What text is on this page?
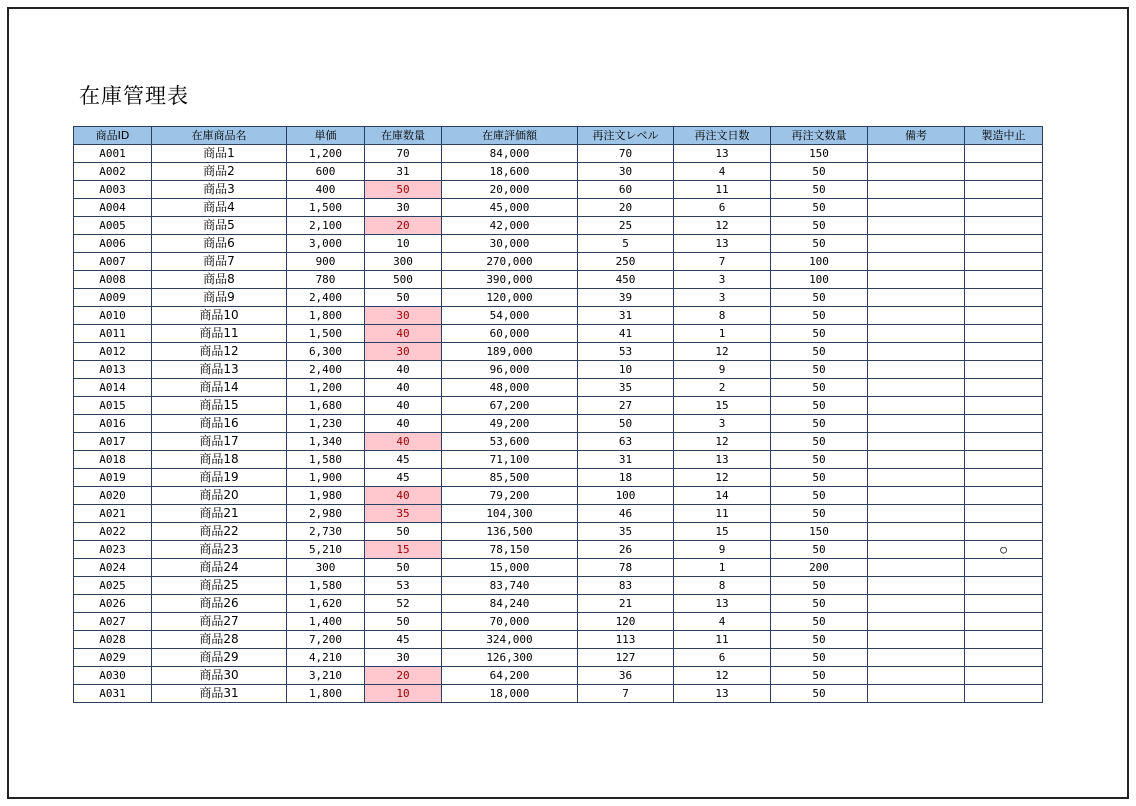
在庫管理表
商品ID	在庫商品名	単価	在庫数量	在庫評価額	再注文レベル	再注文日数	再注文数量	備考	製造中止
A001	商品1	1,200	70	84,000	70	13	150		
A002	商品2	600	31	18,600	30	4	50		
A003	商品3	400	50	20,000	60	11	50		
A004	商品4	1,500	30	45,000	20	6	50		
A005	商品5	2,100	20	42,000	25	12	50		
A006	商品6	3,000	10	30,000	5	13	50		
A007	商品7	900	300	270,000	250	7	100		
A008	商品8	780	500	390,000	450	3	100		
A009	商品9	2,400	50	120,000	39	3	50		
A010	商品10	1,800	30	54,000	31	8	50		
A011	商品11	1,500	40	60,000	41	1	50		
A012	商品12	6,300	30	189,000	53	12	50		
A013	商品13	2,400	40	96,000	10	9	50		
A014	商品14	1,200	40	48,000	35	2	50		
A015	商品15	1,680	40	67,200	27	15	50		
A016	商品16	1,230	40	49,200	50	3	50		
A017	商品17	1,340	40	53,600	63	12	50		
A018	商品18	1,580	45	71,100	31	13	50		
A019	商品19	1,900	45	85,500	18	12	50		
A020	商品20	1,980	40	79,200	100	14	50		
A021	商品21	2,980	35	104,300	46	11	50		
A022	商品22	2,730	50	136,500	35	15	150		
A023	商品23	5,210	15	78,150	26	9	50		○
A024	商品24	300	50	15,000	78	1	200		
A025	商品25	1,580	53	83,740	83	8	50		
A026	商品26	1,620	52	84,240	21	13	50		
A027	商品27	1,400	50	70,000	120	4	50		
A028	商品28	7,200	45	324,000	113	11	50		
A029	商品29	4,210	30	126,300	127	6	50		
A030	商品30	3,210	20	64,200	36	12	50		
A031	商品31	1,800	10	18,000	7	13	50		
